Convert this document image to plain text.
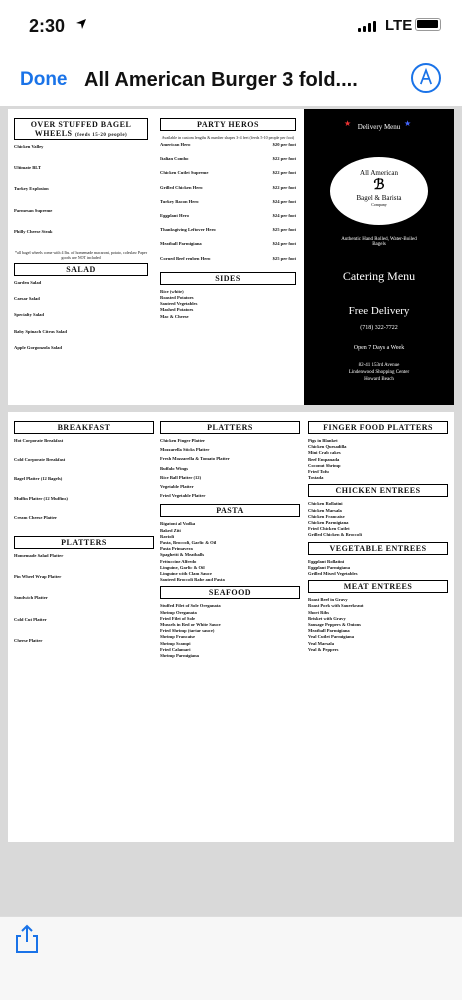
2:30	LTE
Done All American Burger 3 fold....
OVER STUFFED BAGEL WHEELS (feeds 15-20 people)
Chicken Valley
Ultimate BLT
Turkey Explosion
Parmesan Supreme
Philly Cheese Steak
*all bagel wheels come with 4 lbs. of homemade macaroni, potato, coleslaw Paper goods are NOT included
SALAD
Garden Salad
Caesar Salad
Specialty Salad
Baby Spinach Citrus Salad
Apple Gorgonzola Salad
PARTY HEROS
Available in custom lengths & number shapes 3-4 feet (feeds 5-10 people per foot)
American Hero	$20 per foot
Italian Combo	$22 per foot
Chicken Cutlet Supreme	$22 per foot
Grilled Chicken Hero	$22 per foot
Turkey Bacon Hero	$24 per foot
Eggplant Hero	$24 per foot
Thanksgiving Leftover Hero	$25 per foot
Meatball Parmigiana	$24 per foot
Corned Beef reuben Hero	$25 per foot
SIDES
Rice (white)
Roasted Potatoes
Sauteed Vegetables
Mashed Potatoes
Mac & Cheese
Delivery Menu
★	★
All American
ℬ
Bagel & Barista
Company
Authentic Hand Rolled, Water-Boiled Bagels
Catering Menu
Free Delivery
(718) 322-7722
Open 7 Days a Week
82-41 153rd Avenue
Lindenwood Shopping Center
Howard Beach
BREAKFAST
Hot Corporate Breakfast
Cold Corporate Breakfast
Bagel Platter (12 Bagels)
Muffin Platter (12 Muffins)
Cream Cheese Platter
PLATTERS
Homemade Salad Platter
Pin Wheel Wrap Platter
Sandwich Platter
Cold Cut Platter
Cheese Platter
PLATTERS
Chicken Finger Platter
Mozzarella Sticks Platter
Fresh Mozzarella & Tomato Platter
Buffalo Wings
Rice Ball Platter (12)
Vegetable Platter
Fried Vegetable Platter
PASTA
Rigatoni al Vodka
Baked Ziti
Ravioli
Pasta, Broccoli, Garlic & Oil
Pasta Primavera
Spaghetti & Meatballs
Fettuccine Alfredo
Linguine, Garlic & Oil
Linguine with Clam Sauce
Sauteed Broccoli Rabe and Pasta
SEAFOOD
Stuffed Filet of Sole Oreganata
Shrimp Oreganata
Fried Filet of Sole
Mussels in Red or White Sauce
Fried Shrimp (tartar sauce)
Shrimp Francaise
Shrimp Scampi
Fried Calamari
Shrimp Parmigiana
FINGER FOOD PLATTERS
Pigs in Blanket
Chicken Quesadilla
Mini Crab cakes
Beef Empanada
Coconut Shrimp
Fried Tofu
Tostada
CHICKEN ENTREES
Chicken Rollatini
Chicken Marsala
Chicken Francaise
Chicken Parmigiana
Fried Chicken Cutlet
Grilled Chicken & Broccoli
VEGETABLE ENTREES
Eggplant Rollatini
Eggplant Parmigiana
Grilled Mixed Vegetables
MEAT ENTREES
Roast Beef in Gravy
Roast Pork with Sauerkraut
Short Ribs
Brisket with Gravy
Sausage Peppers & Onions
Meatball Parmigiana
Veal Cutlet Parmigiana
Veal Marsala
Veal & Peppers
